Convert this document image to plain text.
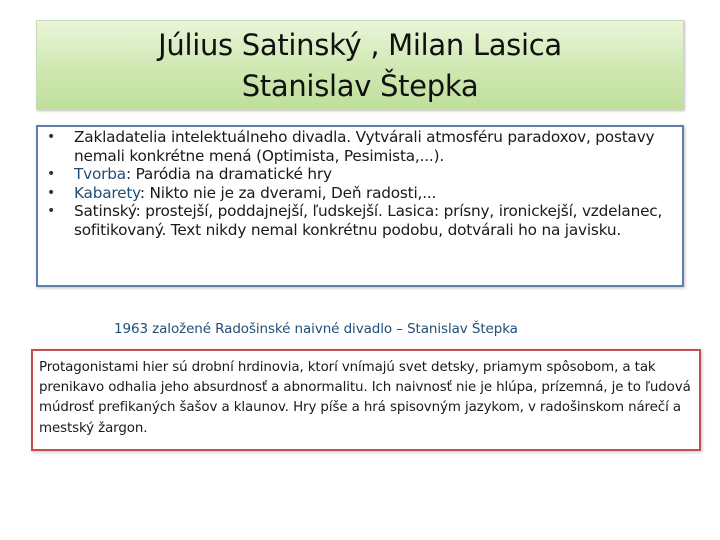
Július Satinský , Milan Lasica
Stanislav Štepka
• Zakladatelia intelektuálneho divadla. Vytvárali atmosféru paradoxov, postavy nemali konkrétne mená (Optimista, Pesimista,...).
• Tvorba: Paródia na dramatické hry
• Kabarety: Nikto nie je za dverami, Deň radosti,...
• Satinský: prostejší, poddajnejší, ľudskejší. Lasica: prísny, ironickejší, vzdelanec, sofitikovaný. Text nikdy nemal konkrétnu podobu, dotvárali ho na javisku.
1963 založené Radošinské naivné divadlo – Stanislav Štepka
Protagonistami hier sú drobní hrdinovia, ktorí vnímajú svet detsky, priamym spôsobom, a tak prenikavo odhalia jeho absurdnosť a abnormalitu. Ich naivnosť nie je hlúpa, prízemná, je to ľudová múdrosť prefikaných šašov a klaunov. Hry píše a hrá spisovným jazykom, v radošinskom nárečí a mestský žargon.
